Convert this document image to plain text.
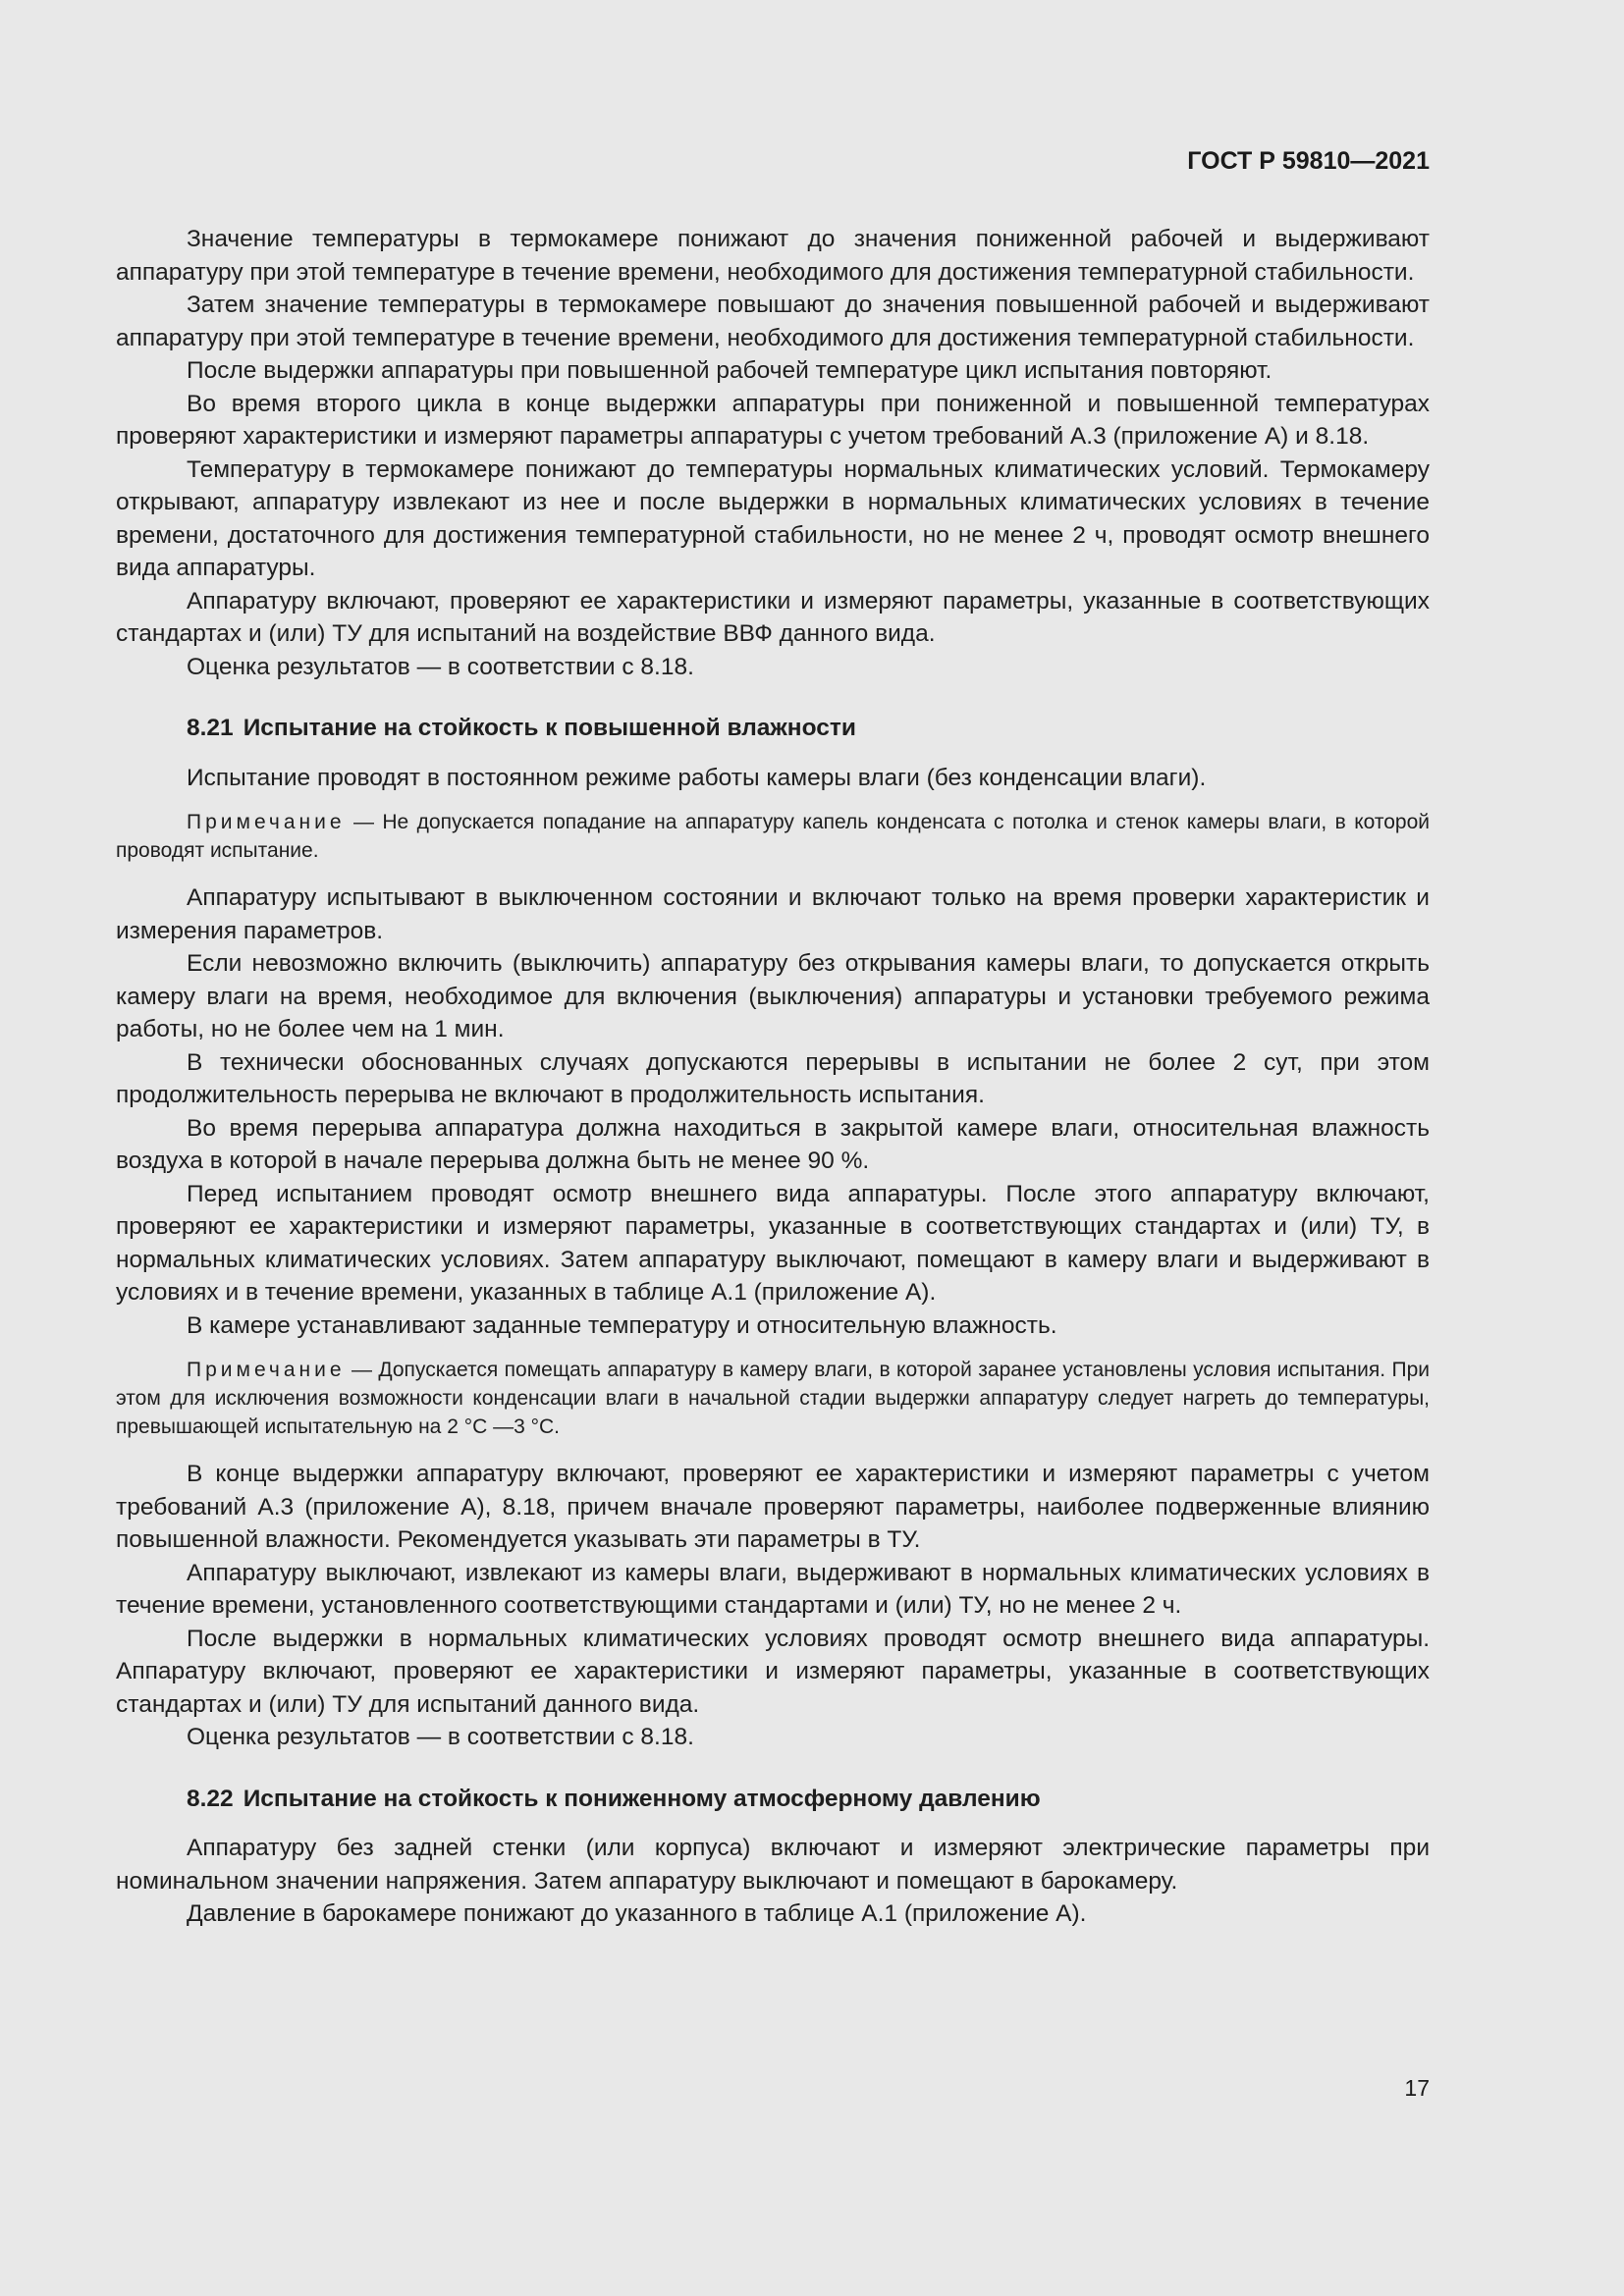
ГОСТ Р 59810—2021

Значение температуры в термокамере понижают до значения пониженной рабочей и выдерживают аппаратуру при этой температуре в течение времени, необходимого для достижения температурной стабильности.

Затем значение температуры в термокамере повышают до значения повышенной рабочей и выдерживают аппаратуру при этой температуре в течение времени, необходимого для достижения температурной стабильности.

После выдержки аппаратуры при повышенной рабочей температуре цикл испытания повторяют.

Во время второго цикла в конце выдержки аппаратуры при пониженной и повышенной температурах проверяют характеристики и измеряют параметры аппаратуры с учетом требований А.3 (приложение А) и 8.18.

Температуру в термокамере понижают до температуры нормальных климатических условий. Термокамеру открывают, аппаратуру извлекают из нее и после выдержки в нормальных климатических условиях в течение времени, достаточного для достижения температурной стабильности, но не менее 2 ч, проводят осмотр внешнего вида аппаратуры.

Аппаратуру включают, проверяют ее характеристики и измеряют параметры, указанные в соответствующих стандартах и (или) ТУ для испытаний на воздействие ВВФ данного вида.

Оценка результатов — в соответствии с 8.18.

8.21 Испытание на стойкость к повышенной влажности

Испытание проводят в постоянном режиме работы камеры влаги (без конденсации влаги).

Примечание — Не допускается попадание на аппаратуру капель конденсата с потолка и стенок камеры влаги, в которой проводят испытание.

Аппаратуру испытывают в выключенном состоянии и включают только на время проверки характеристик и измерения параметров.

Если невозможно включить (выключить) аппаратуру без открывания камеры влаги, то допускается открыть камеру влаги на время, необходимое для включения (выключения) аппаратуры и установки требуемого режима работы, но не более чем на 1 мин.

В технически обоснованных случаях допускаются перерывы в испытании не более 2 сут, при этом продолжительность перерыва не включают в продолжительность испытания.

Во время перерыва аппаратура должна находиться в закрытой камере влаги, относительная влажность воздуха в которой в начале перерыва должна быть не менее 90 %.

Перед испытанием проводят осмотр внешнего вида аппаратуры. После этого аппаратуру включают, проверяют ее характеристики и измеряют параметры, указанные в соответствующих стандартах и (или) ТУ, в нормальных климатических условиях. Затем аппаратуру выключают, помещают в камеру влаги и выдерживают в условиях и в течение времени, указанных в таблице А.1 (приложение А).

В камере устанавливают заданные температуру и относительную влажность.

Примечание — Допускается помещать аппаратуру в камеру влаги, в которой заранее установлены условия испытания. При этом для исключения возможности конденсации влаги в начальной стадии выдержки аппаратуру следует нагреть до температуры, превышающей испытательную на 2 °С —3 °С.

В конце выдержки аппаратуру включают, проверяют ее характеристики и измеряют параметры с учетом требований А.3 (приложение А), 8.18, причем вначале проверяют параметры, наиболее подверженные влиянию повышенной влажности. Рекомендуется указывать эти параметры в ТУ.

Аппаратуру выключают, извлекают из камеры влаги, выдерживают в нормальных климатических условиях в течение времени, установленного соответствующими стандартами и (или) ТУ, но не менее 2 ч.

После выдержки в нормальных климатических условиях проводят осмотр внешнего вида аппаратуры. Аппаратуру включают, проверяют ее характеристики и измеряют параметры, указанные в соответствующих стандартах и (или) ТУ для испытаний данного вида.

Оценка результатов — в соответствии с 8.18.

8.22 Испытание на стойкость к пониженному атмосферному давлению

Аппаратуру без задней стенки (или корпуса) включают и измеряют электрические параметры при номинальном значении напряжения. Затем аппаратуру выключают и помещают в барокамеру.

Давление в барокамере понижают до указанного в таблице А.1 (приложение А).

17
